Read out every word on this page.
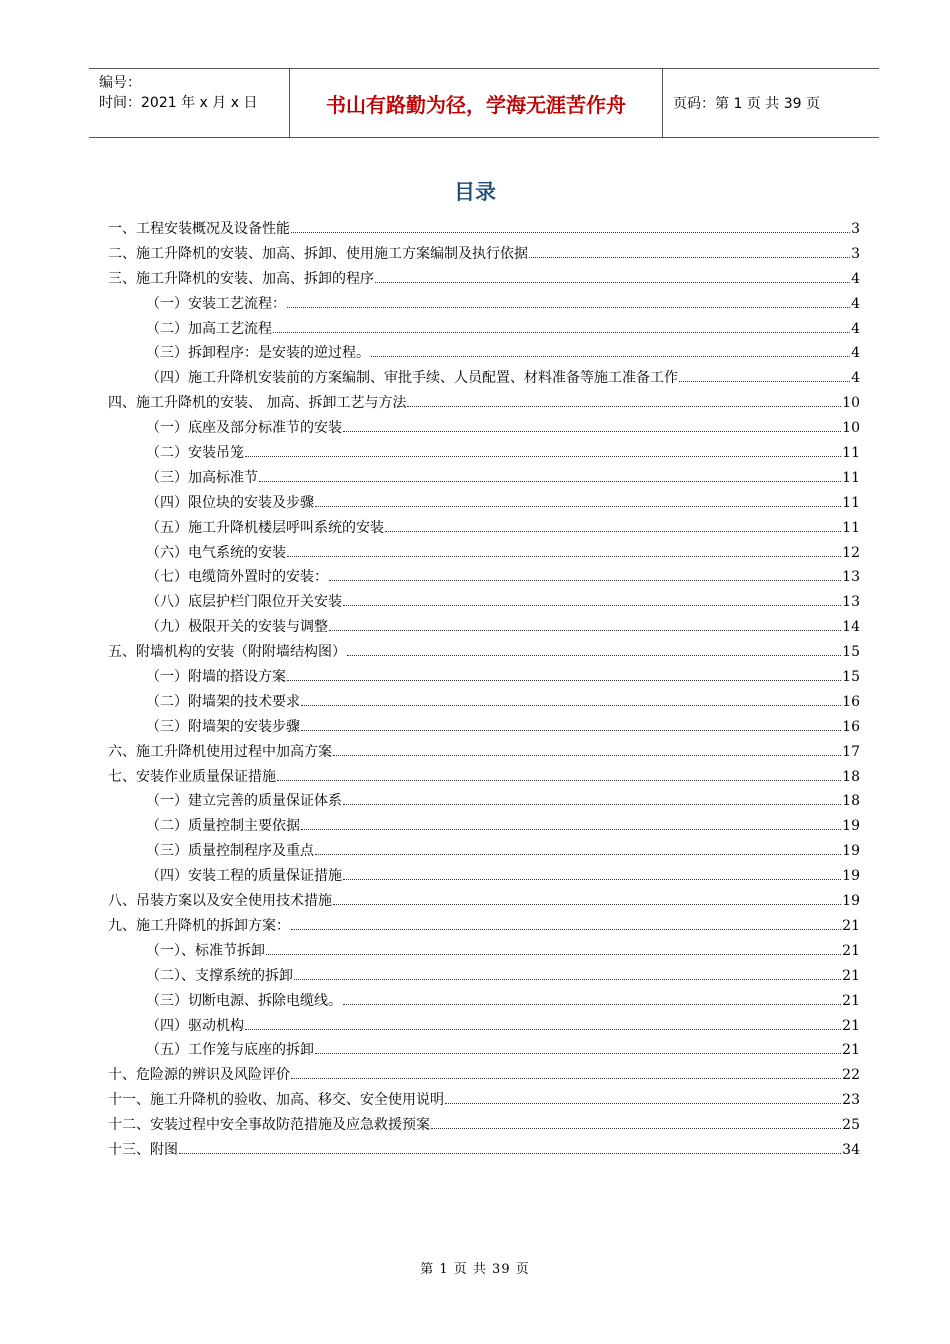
编号：
时间：2021 年 x 月 x 日	书山有路勤为径，学海无涯苦作舟	页码：第 1 页 共 39 页
目录
一、工程安装概况及设备性能	3
二、施工升降机的安装、加高、拆卸、使用施工方案编制及执行依据	3
三、施工升降机的安装、加高、拆卸的程序	4
（一）安装工艺流程：	4
（二）加高工艺流程	4
（三）拆卸程序：是安装的逆过程。	4
（四）施工升降机安装前的方案编制、审批手续、人员配置、材料准备等施工准备工作	4
四、施工升降机的安装、 加高、拆卸工艺与方法	10
（一）底座及部分标准节的安装	10
（二）安装吊笼	11
（三）加高标准节	11
（四）限位块的安装及步骤	11
（五）施工升降机楼层呼叫系统的安装	11
（六）电气系统的安装	12
（七）电缆筒外置时的安装：	13
（八）底层护栏门限位开关安装	13
（九）极限开关的安装与调整	14
五、附墙机构的安装（附附墙结构图）	15
（一）附墙的搭设方案	15
（二）附墙架的技术要求	16
（三）附墙架的安装步骤	16
六、施工升降机使用过程中加高方案	17
七、安装作业质量保证措施	18
（一）建立完善的质量保证体系	18
（二）质量控制主要依据	19
（三）质量控制程序及重点	19
（四）安装工程的质量保证措施	19
八、吊装方案以及安全使用技术措施	19
九、施工升降机的拆卸方案：	21
（一）、标准节拆卸	21
（二）、支撑系统的拆卸	21
（三）切断电源、拆除电缆线。	21
（四）驱动机构	21
（五）工作笼与底座的拆卸	21
十、危险源的辨识及风险评价	22
十一、施工升降机的验收、加高、移交、安全使用说明	23
十二、安装过程中安全事故防范措施及应急救援预案	25
十三、附图	34
第 1 页 共 39 页
